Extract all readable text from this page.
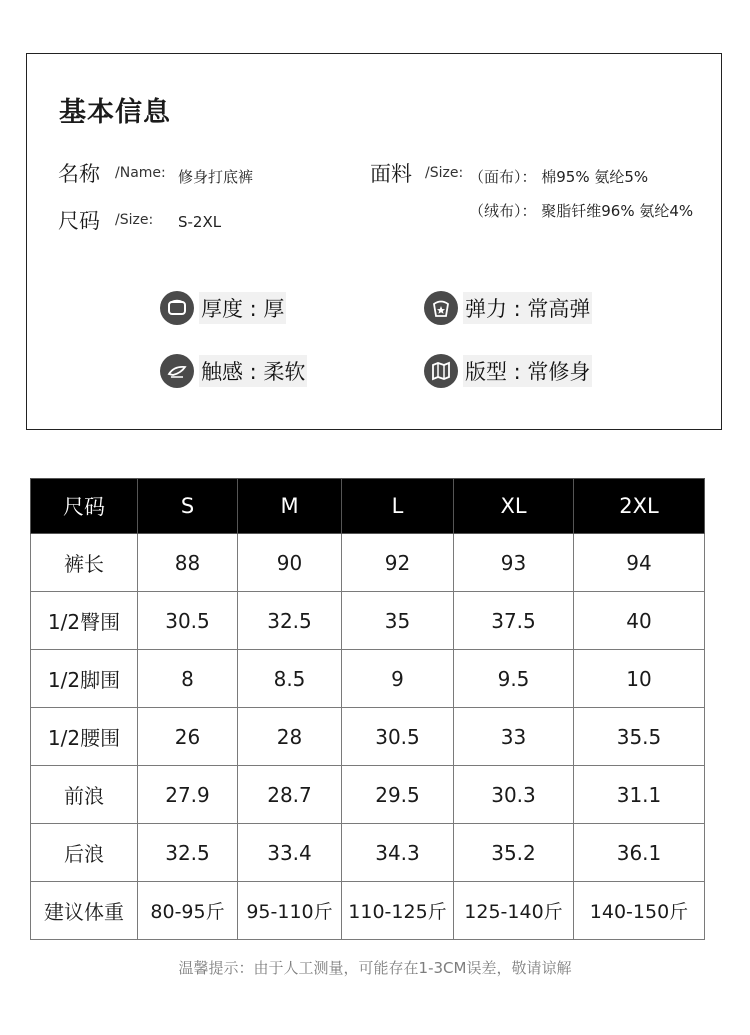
基本信息
名称 /Name: 修身打底裤
尺码 /Size: S-2XL
面料 /Size: （面布）： 棉95% 氨纶5%
（绒布）： 聚脂钎维96% 氨纶4%
厚度 : 厚	弹力 : 常高弹
触感 : 柔软	版型 : 常修身
尺码	S	M	L	XL	2XL
裤长	88	90	92	93	94
1/2臀围	30.5	32.5	35	37.5	40
1/2脚围	8	8.5	9	9.5	10
1/2腰围	26	28	30.5	33	35.5
前浪	27.9	28.7	29.5	30.3	31.1
后浪	32.5	33.4	34.3	35.2	36.1
建议体重	80-95斤	95-110斤	110-125斤	125-140斤	140-150斤
温馨提示：由于人工测量，可能存在1-3CM误差，敬请谅解
